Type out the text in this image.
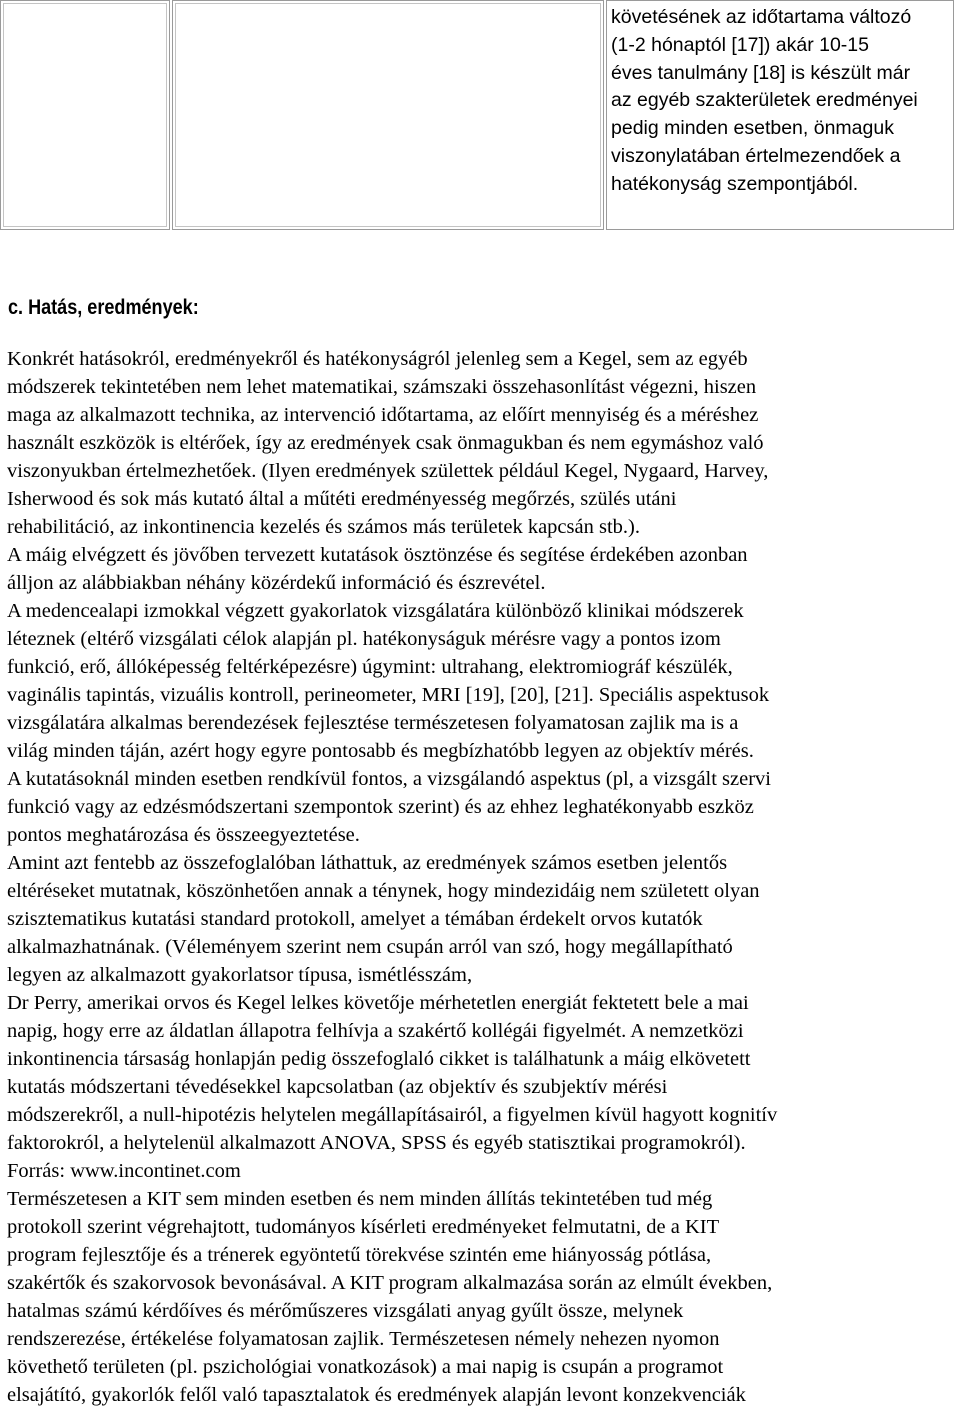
követésének az időtartama változó
(1-2 hónaptól [17]) akár 10-15
éves tanulmány [18] is készült már
az egyéb szakterületek eredményei
pedig minden esetben, önmaguk
viszonylatában értelmezendőek a
hatékonyság szempontjából.
c. Hatás, eredmények:
Konkrét hatásokról, eredményekről és hatékonyságról jelenleg sem a Kegel, sem az egyéb
módszerek tekintetében nem lehet matematikai, számszaki összehasonlítást végezni, hiszen
maga az alkalmazott technika, az intervenció időtartama, az előírt mennyiség és a méréshez
használt eszközök is eltérőek, így az eredmények csak önmagukban és nem egymáshoz való
viszonyukban értelmezhetőek. (Ilyen eredmények születtek például Kegel, Nygaard, Harvey,
Isherwood és sok más kutató által a műtéti eredményesség megőrzés, szülés utáni
rehabilitáció, az inkontinencia kezelés és számos más területek kapcsán stb.).
A máig elvégzett és jövőben tervezett kutatások ösztönzése és segítése érdekében azonban
álljon az alábbiakban néhány közérdekű információ és észrevétel.
A medencealapi izmokkal végzett gyakorlatok vizsgálatára különböző klinikai módszerek
léteznek (eltérő vizsgálati célok alapján pl. hatékonyságuk mérésre vagy a pontos izom
funkció, erő, állóképesség feltérképezésre) úgymint: ultrahang, elektromiográf készülék,
vaginális tapintás, vizuális kontroll, perineometer, MRI [19], [20], [21]. Speciális aspektusok
vizsgálatára alkalmas berendezések fejlesztése természetesen folyamatosan zajlik ma is a
világ minden táján, azért hogy egyre pontosabb és megbízhatóbb legyen az objektív mérés.
A kutatásoknál minden esetben rendkívül fontos, a vizsgálandó aspektus (pl, a vizsgált szervi
funkció vagy az edzésmódszertani szempontok szerint) és az ehhez leghatékonyabb eszköz
pontos meghatározása és összeegyeztetése.
Amint azt fentebb az összefoglalóban láthattuk, az eredmények számos esetben jelentős
eltéréseket mutatnak, köszönhetően annak a ténynek, hogy mindezidáig nem született olyan
szisztematikus kutatási standard protokoll, amelyet a témában érdekelt orvos kutatók
alkalmazhatnának. (Véleményem szerint nem csupán arról van szó, hogy megállapítható
legyen az alkalmazott gyakorlatsor típusa, ismétlésszám,
Dr Perry, amerikai orvos és Kegel lelkes követője mérhetetlen energiát fektetett bele a mai
napig, hogy erre az áldatlan állapotra felhívja a szakértő kollégái figyelmét. A nemzetközi
inkontinencia társaság honlapján pedig összefoglaló cikket is találhatunk a máig elkövetett
kutatás módszertani tévedésekkel kapcsolatban (az objektív és szubjektív mérési
módszerekről, a null-hipotézis helytelen megállapításairól, a figyelmen kívül hagyott kognitív
faktorokról, a helytelenül alkalmazott ANOVA, SPSS és egyéb statisztikai programokról).
Forrás: www.incontinet.com
Természetesen a KIT sem minden esetben és nem minden állítás tekintetében tud még
protokoll szerint végrehajtott, tudományos kísérleti eredményeket felmutatni, de a KIT
program fejlesztője és a trénerek egyöntetű törekvése szintén eme hiányosság pótlása,
szakértők és szakorvosok bevonásával. A KIT program alkalmazása során az elmúlt években,
hatalmas számú kérdőíves és mérőműszeres vizsgálati anyag gyűlt össze, melynek
rendszerezése, értékelése folyamatosan zajlik. Természetesen némely nehezen nyomon
követhető területen (pl. pszichológiai vonatkozások) a mai napig is csupán a programot
elsajátító, gyakorlók felől való tapasztalatok és eredmények alapján levont konzekvenciák
